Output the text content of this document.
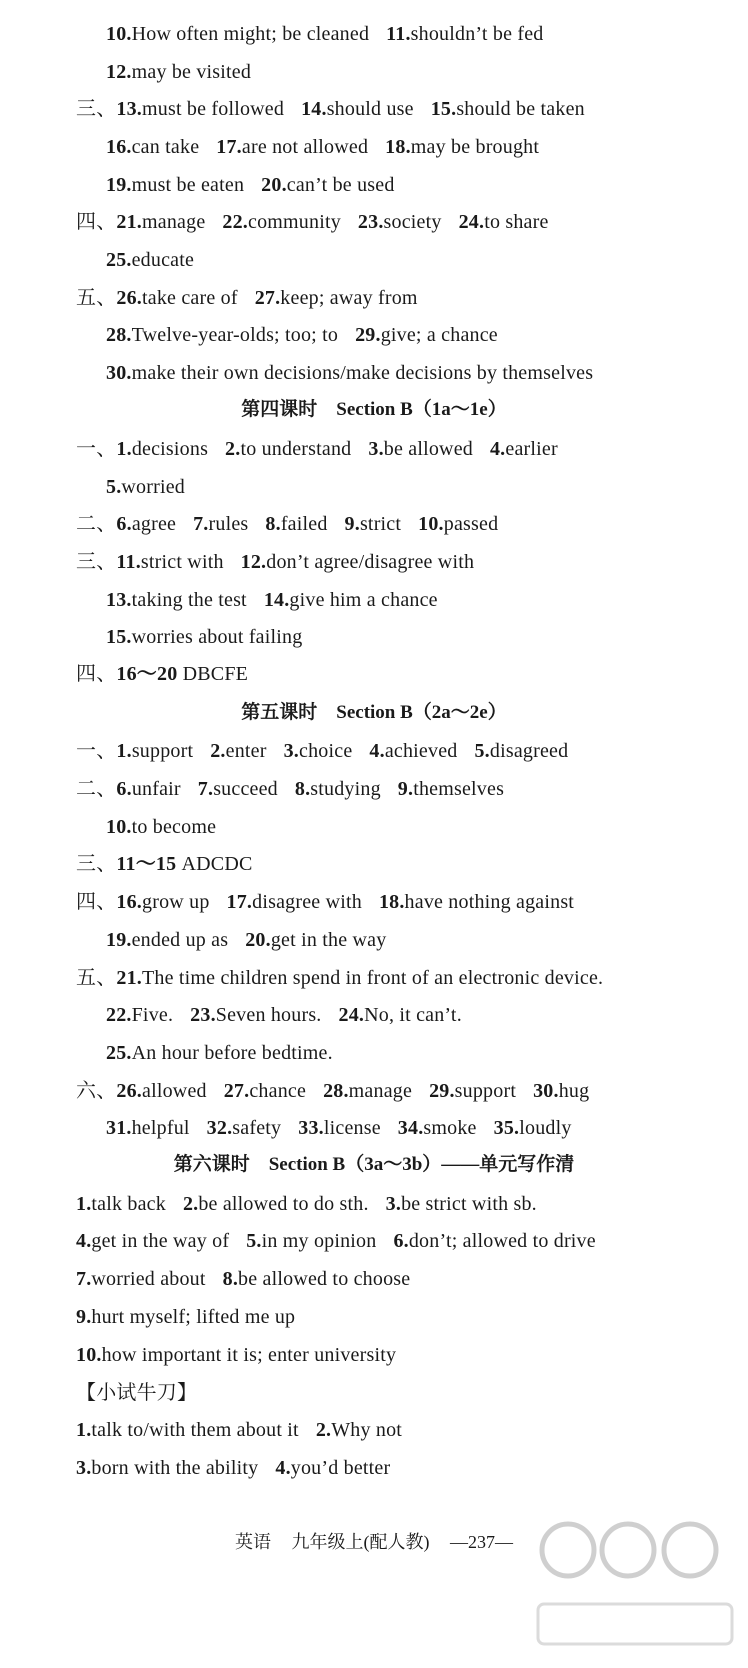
第四课时　Section B（1a～1e）
第五课时　Section B（2a～2e）
第六课时　Section B（3a～3b）——单元写作清
10.How often might; be cleaned 11.shouldn’t be fed
12.may be visited
三、13.must be followed 14.should use 15.should be taken
16.can take 17.are not allowed 18.may be brought
19.must be eaten 20.can’t be used
四、21.manage 22.community 23.society 24.to share
25.educate
五、26.take care of 27.keep; away from
28.Twelve-year-olds; too; to 29.give; a chance
30.make their own decisions/make decisions by themselves
一、1.decisions 2.to understand 3.be allowed 4.earlier
5.worried
二、6.agree 7.rules 8.failed 9.strict 10.passed
三、11.strict with 12.don’t agree/disagree with
13.taking the test 14.give him a chance
15.worries about failing
四、16～20 DBCFE
一、1.support 2.enter 3.choice 4.achieved 5.disagreed
二、6.unfair 7.succeed 8.studying 9.themselves
10.to become
三、11～15 ADCDC
四、16.grow up 17.disagree with 18.have nothing against
19.ended up as 20.get in the way
五、21.The time children spend in front of an electronic device.
22.Five. 23.Seven hours. 24.No, it can’t.
25.An hour before bedtime.
六、26.allowed 27.chance 28.manage 29.support 30.hug
31.helpful 32.safety 33.license 34.smoke 35.loudly
1.talk back 2.be allowed to do sth. 3.be strict with sb.
4.get in the way of 5.in my opinion 6.don’t; allowed to drive
7.worried about 8.be allowed to choose
9.hurt myself; lifted me up
10.how important it is; enter university
【小试牛刀】
1.talk to/with them about it 2.Why not
3.born with the ability 4.you’d better
英语 九年级上(配人教) —237—
